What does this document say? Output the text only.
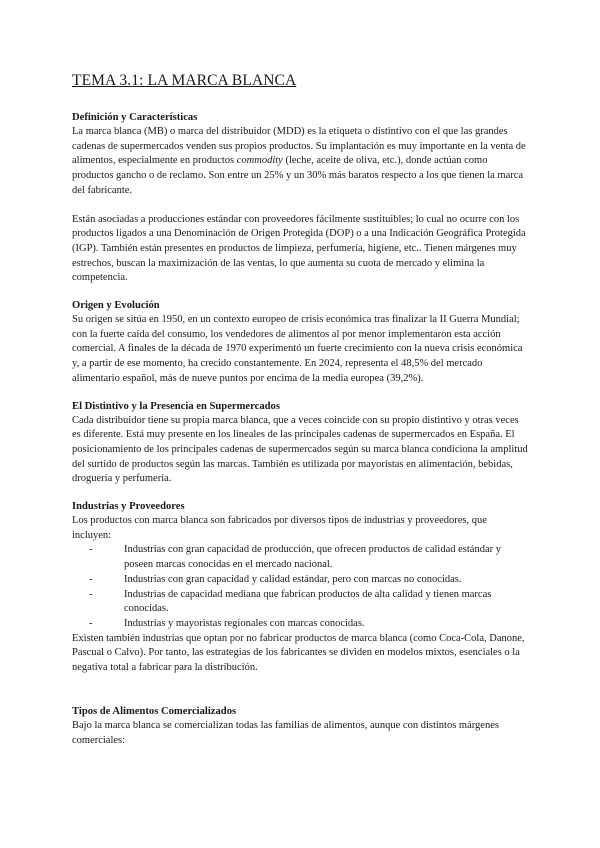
TEMA 3.1: LA MARCA BLANCA
Definición y Características

La marca blanca (MB) o marca del distribuidor (MDD) es la etiqueta o distintivo con el que las grandes cadenas de supermercados venden sus propios productos. Su implantación es muy importante en la venta de alimentos, especialmente en productos commodity (leche, aceite de oliva, etc.), donde actúan como productos gancho o de reclamo. Son entre un 25% y un 30% más baratos respecto a los que tienen la marca del fabricante.

Están asociadas a producciones estándar con proveedores fácilmente sustituibles; lo cual no ocurre con los productos ligados a una Denominación de Origen Protegida (DOP) o a una Indicación Geográfica Protegida (IGP). También están presentes en productos de limpieza, perfumería, higiene, etc.. Tienen márgenes muy estrechos, buscan la maximización de las ventas, lo que aumenta su cuota de mercado y elimina la competencia.

Origen y Evolución

Su origen se sitúa en 1950, en un contexto europeo de crisis económica tras finalizar la II Guerra Mundial; con la fuerte caída del consumo, los vendedores de alimentos al por menor implementaron esta acción comercial. A finales de la década de 1970 experimentó un fuerte crecimiento con la nueva crisis económica y, a partir de ese momento, ha crecido constantemente. En 2024, representa el 48,5% del mercado alimentario español, más de nueve puntos por encima de la media europea (39,2%).

El Distintivo y la Presencia en Supermercados

Cada distribuidor tiene su propia marca blanca, que a veces coincide con su propio distintivo y otras veces es diferente. Está muy presente en los lineales de las principales cadenas de supermercados en España. El posicionamiento de los principales cadenas de supermercados según su marca blanca condiciona la amplitud del surtido de productos según las marcas. También es utilizada por mayoristas en alimentación, bebidas, droguería y perfumería.

Industrias y Proveedores

Los productos con marca blanca son fabricados por diversos tipos de industrias y proveedores, que incluyen:

-	Industrias con gran capacidad de producción, que ofrecen productos de calidad estándar y poseen marcas conocidas en el mercado nacional.
-	Industrias con gran capacidad y calidad estándar, pero con marcas no conocidas.
-	Industrias de capacidad mediana que fabrican productos de alta calidad y tienen marcas conocidas.
-	Industrias y mayoristas regionales con marcas conocidas.

Existen también industrias que optan por no fabricar productos de marca blanca (como Coca-Cola, Danone, Pascual o Calvo). Por tanto, las estrategias de los fabricantes se dividen en modelos mixtos, esenciales o la negativa total a fabricar para la distribución.

Tipos de Alimentos Comercializados

Bajo la marca blanca se comercializan todas las familias de alimentos, aunque con distintos márgenes comerciales:
